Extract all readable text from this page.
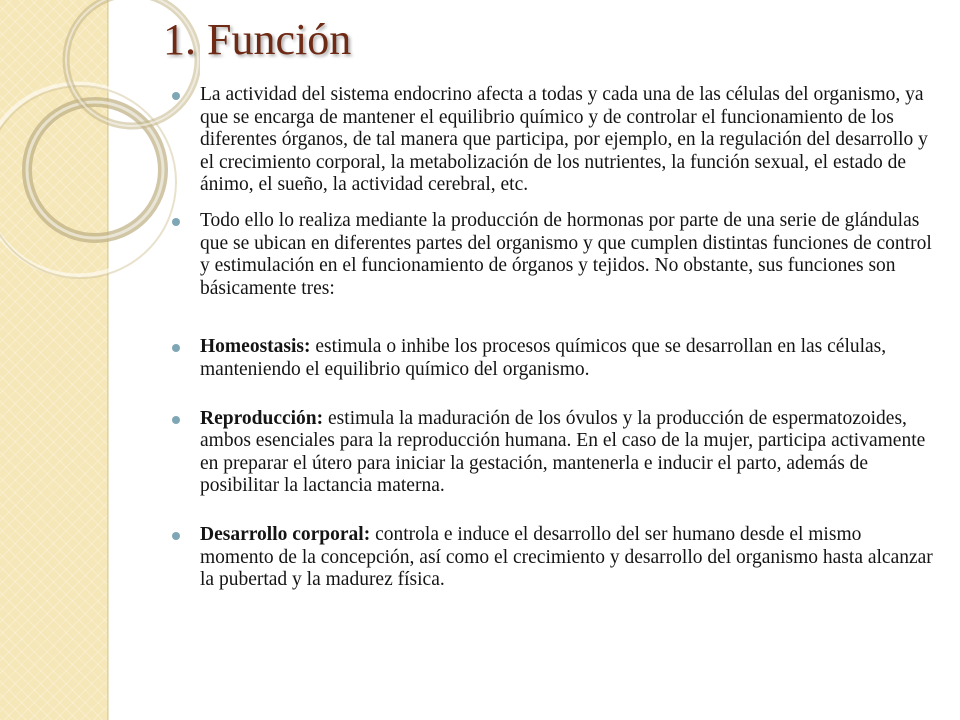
1. Función
La actividad del sistema endocrino afecta a todas y cada una de las células del organismo, ya que se encarga de mantener el equilibrio químico y de controlar el funcionamiento de los diferentes órganos, de tal manera que participa, por ejemplo, en la regulación del desarrollo y el crecimiento corporal, la metabolización de los nutrientes, la función sexual, el estado de ánimo, el sueño, la actividad cerebral, etc.
Todo ello lo realiza mediante la producción de hormonas por parte de una serie de glándulas que se ubican en diferentes partes del organismo y que cumplen distintas funciones de control y estimulación en el funcionamiento de órganos y tejidos. No obstante, sus funciones son básicamente tres:
Homeostasis: estimula o inhibe los procesos químicos que se desarrollan en las células, manteniendo el equilibrio químico del organismo.
Reproducción: estimula la maduración de los óvulos y la producción de espermatozoides, ambos esenciales para la reproducción humana. En el caso de la mujer, participa activamente en preparar el útero para iniciar la gestación, mantenerla e inducir el parto, además de posibilitar la lactancia materna.
Desarrollo corporal: controla e induce el desarrollo del ser humano desde el mismo momento de la concepción, así como el crecimiento y desarrollo del organismo hasta alcanzar la pubertad y la madurez física.
